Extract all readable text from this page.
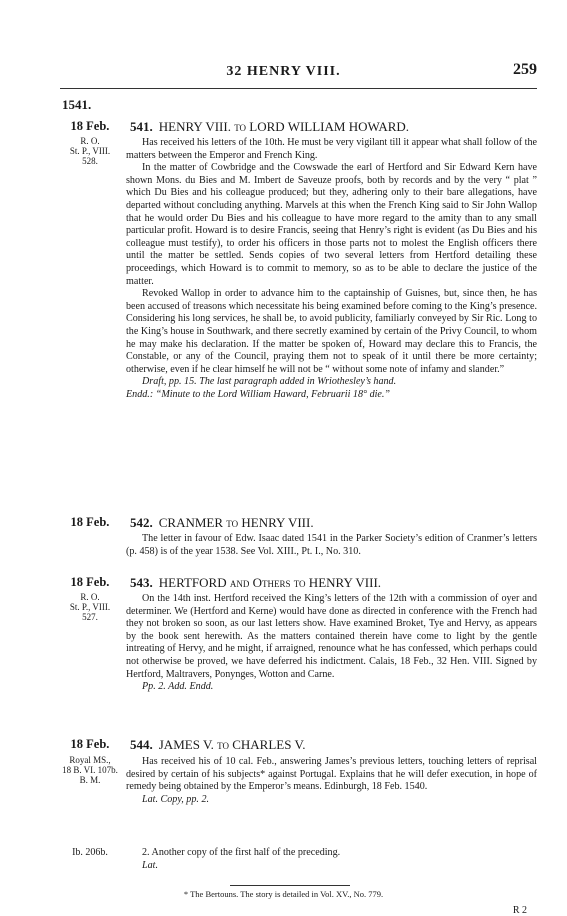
32 HENRY VIII.	259
1541.
18 Feb.
R. O.
St. P., VIII.
528.
541. HENRY VIII. to LORD WILLIAM HOWARD.

Has received his letters of the 10th. He must be very vigilant till it appear what shall follow of the matters between the Emperor and French King.

In the matter of Cowbridge and the Cowswade the earl of Hertford and Sir Edward Kern have shown Mons. du Bies and M. Imbert de Saveuze proofs, both by records and by the very “ plat ” which Du Bies and his colleague produced; but they, adhering only to their bare allegations, have departed without concluding anything. Marvels at this when the French King said to Sir John Wallop that he would order Du Bies and his colleague to have more regard to the amity than to any small particular profit. Howard is to desire Francis, seeing that Henry’s right is evident (as Du Bies and his colleague must testify), to order his officers in those parts not to molest the English officers there until the matter be settled. Sends copies of two several letters from Hertford detailing these proceedings, which Howard is to commit to memory, so as to be able to declare the justice of the matter.

Revoked Wallop in order to advance him to the captainship of Guisnes, but, since then, he has been accused of treasons which necessitate his being examined before coming to the King’s presence. Considering his long services, he shall be, to avoid publicity, familiarly conveyed by Sir Ric. Long to the King’s house in Southwark, and there secretly examined by certain of the Privy Council, to whom he may make his declaration. If the matter be spoken of, Howard may declare this to Francis, the Constable, or any of the Council, praying them not to speak of it until there be more certainty; otherwise, even if he clear himself he will not be “ without some note of infamy and slander.”

Draft, pp. 15. The last paragraph added in Wriothesley’s hand.

Endd.: “Minute to the Lord William Haward, Februarii 18° die.”

18 Feb.	542. CRANMER to HENRY VIII.

The letter in favour of Edw. Isaac dated 1541 in the Parker Society’s edition of Cranmer’s letters (p. 458) is of the year 1538. See Vol. XIII., Pt. I., No. 310.

18 Feb.
R. O.
St. P., VIII.
527.
543. HERTFORD and Others to HENRY VIII.

On the 14th inst. Hertford received the King’s letters of the 12th with a commission of oyer and determiner. We (Hertford and Kerne) would have done as directed in conference with the French had they not broken so soon, as our last letters show. Have examined Broket, Tye and Hervy, as appears by the book sent herewith. As the matters contained therein have come to light by the gentle intreating of Hervy, and he might, if arraigned, renounce what he has confessed, which perhaps could not otherwise be proved, we have deferred his indictment. Calais, 18 Feb., 32 Hen. VIII. Signed by Hertford, Maltravers, Ponynges, Wotton and Carne.

Pp. 2. Add. Endd.

18 Feb.
Royal MS.,
18 B. VI. 107b.
B. M.
544. JAMES V. to CHARLES V.

Has received his of 10 cal. Feb., answering James’s previous letters, touching letters of reprisal desired by certain of his subjects* against Portugal. Explains that he will defer execution, in hope of remedy being obtained by the Emperor’s means. Edinburgh, 18 Feb. 1540.

Lat. Copy, pp. 2.

Ib. 206b.	2. Another copy of the first half of the preceding.

Lat.

* The Bertouns. The story is detailed in Vol. XV., No. 779.
R 2
